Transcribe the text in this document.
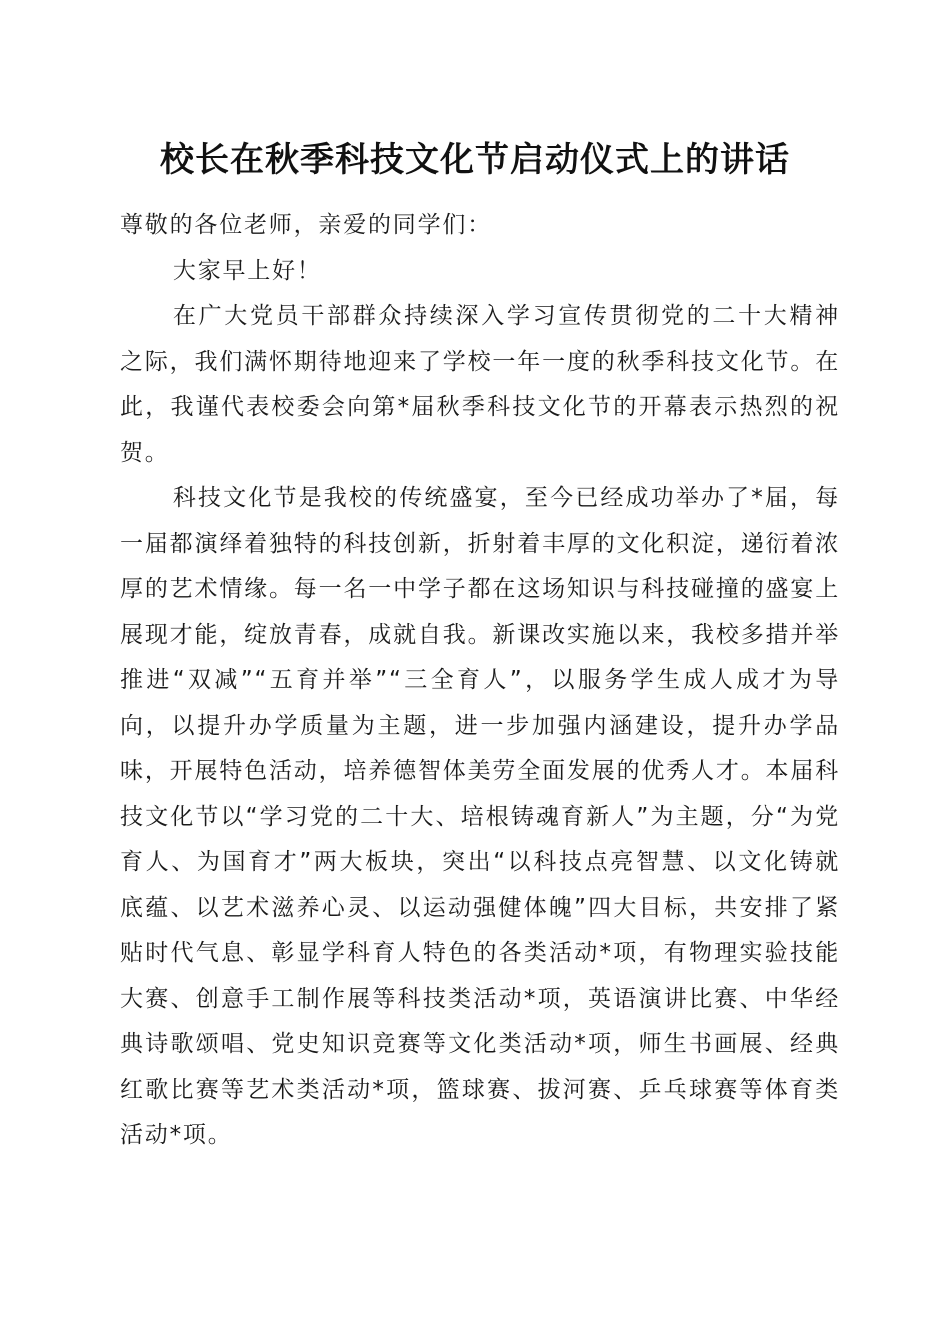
校长在秋季科技文化节启动仪式上的讲话

尊敬的各位老师，亲爱的同学们：

大家早上好！

在广大党员干部群众持续深入学习宣传贯彻党的二十大精神之际，我们满怀期待地迎来了学校一年一度的秋季科技文化节。在此，我谨代表校委会向第*届秋季科技文化节的开幕表示热烈的祝贺。

科技文化节是我校的传统盛宴，至今已经成功举办了*届，每一届都演绎着独特的科技创新，折射着丰厚的文化积淀，递衍着浓厚的艺术情缘。每一名一中学子都在这场知识与科技碰撞的盛宴上展现才能，绽放青春，成就自我。新课改实施以来，我校多措并举推进“双减”“五育并举”“三全育人”，以服务学生成人成才为导向，以提升办学质量为主题，进一步加强内涵建设，提升办学品味，开展特色活动，培养德智体美劳全面发展的优秀人才。本届科技文化节以“学习党的二十大、培根铸魂育新人”为主题，分“为党育人、为国育才”两大板块，突出“以科技点亮智慧、以文化铸就底蕴、以艺术滋养心灵、以运动强健体魄”四大目标，共安排了紧贴时代气息、彰显学科育人特色的各类活动*项，有物理实验技能大赛、创意手工制作展等科技类活动*项，英语演讲比赛、中华经典诗歌颂唱、党史知识竞赛等文化类活动*项，师生书画展、经典红歌比赛等艺术类活动*项，篮球赛、拔河赛、乒乓球赛等体育类活动*项。
